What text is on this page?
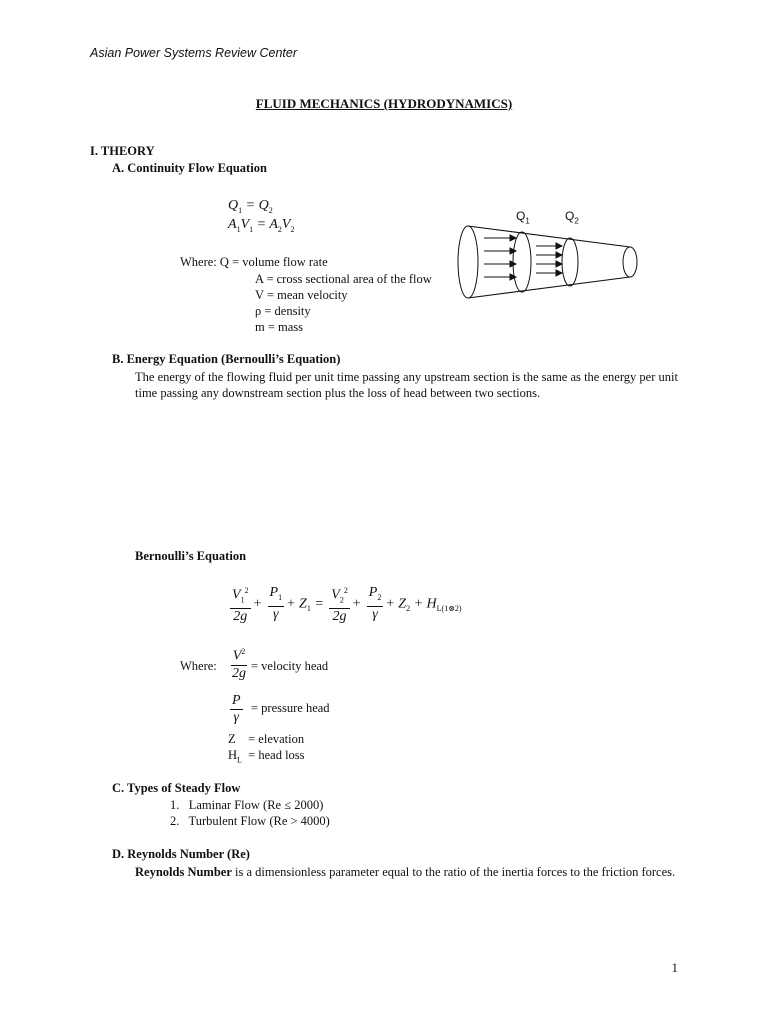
Asian Power Systems Review Center
FLUID MECHANICS (HYDRODYNAMICS)
I. THEORY
A. Continuity Flow Equation
$Q_1 = Q_2$
$A_1V_1 = A_2V_2$
Where: Q = volume flow rate
A = cross sectional area of the flow
V = mean velocity
ρ = density
m = mass
$Q_1$	$Q_2$
B. Energy Equation (Bernoulli’s Equation)
The energy of the flowing fluid per unit time passing any upstream section is the same as the energy per unit time passing any downstream section plus the loss of head between two sections.
Bernoulli’s Equation
$\frac{V_1^2}{2g} + \frac{P_1}{\gamma} + Z_1 = \frac{V_2^2}{2g} + \frac{P_2}{\gamma} + Z_2 + H_{L(1\otimes 2)}$
Where: $\frac{V^2}{2g}$ = velocity head
$\frac{P}{\gamma}$ = pressure head
Z    = elevation
$H_L$  = head loss
C. Types of Steady Flow
1.   Laminar Flow (Re ≤ 2000)
2.   Turbulent Flow (Re > 4000)
D. Reynolds Number (Re)
Reynolds Number is a dimensionless parameter equal to the ratio of the inertia forces to the friction forces.
1
